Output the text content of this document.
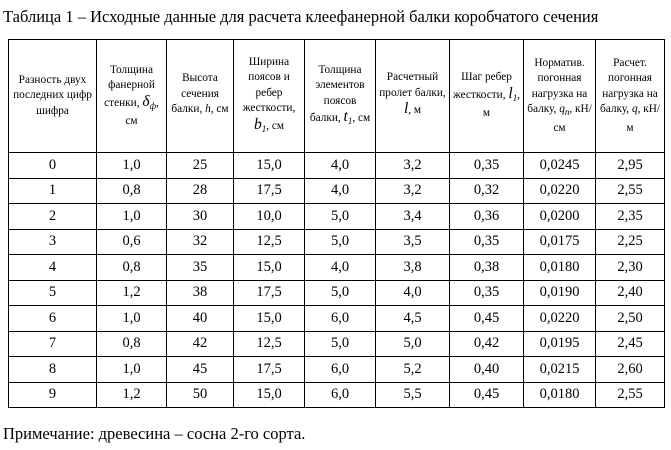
Таблица 1 – Исходные данные для расчета клеефанерной балки коробчатого сечения
Разность двух последних цифр шифра	Толщина фанерной стенки, $\delta_ф$, см	Высота сечения балки, h, см	Ширина поясов и ребер жесткости, $b_1$, см	Толщина элементов поясов балки, $t_1$, см	Расчетный пролет балки, l, м	Шаг ребер жесткости, $l_1$, м	Норматив. погонная нагрузка на балку, $q_n$, кН/см	Расчет. погонная нагрузка на балку, q, кН/м
0	1,0	25	15,0	4,0	3,2	0,35	0,0245	2,95
1	0,8	28	17,5	4,0	3,2	0,32	0,0220	2,55
2	1,0	30	10,0	5,0	3,4	0,36	0,0200	2,35
3	0,6	32	12,5	5,0	3,5	0,35	0,0175	2,25
4	0,8	35	15,0	4,0	3,8	0,38	0,0180	2,30
5	1,2	38	17,5	5,0	4,0	0,35	0,0190	2,40
6	1,0	40	15,0	6,0	4,5	0,45	0,0220	2,50
7	0,8	42	12,5	5,0	5,0	0,42	0,0195	2,45
8	1,0	45	17,5	6,0	5,2	0,40	0,0215	2,60
9	1,2	50	15,0	6,0	5,5	0,45	0,0180	2,55
Примечание: древесина – сосна 2-го сорта.
